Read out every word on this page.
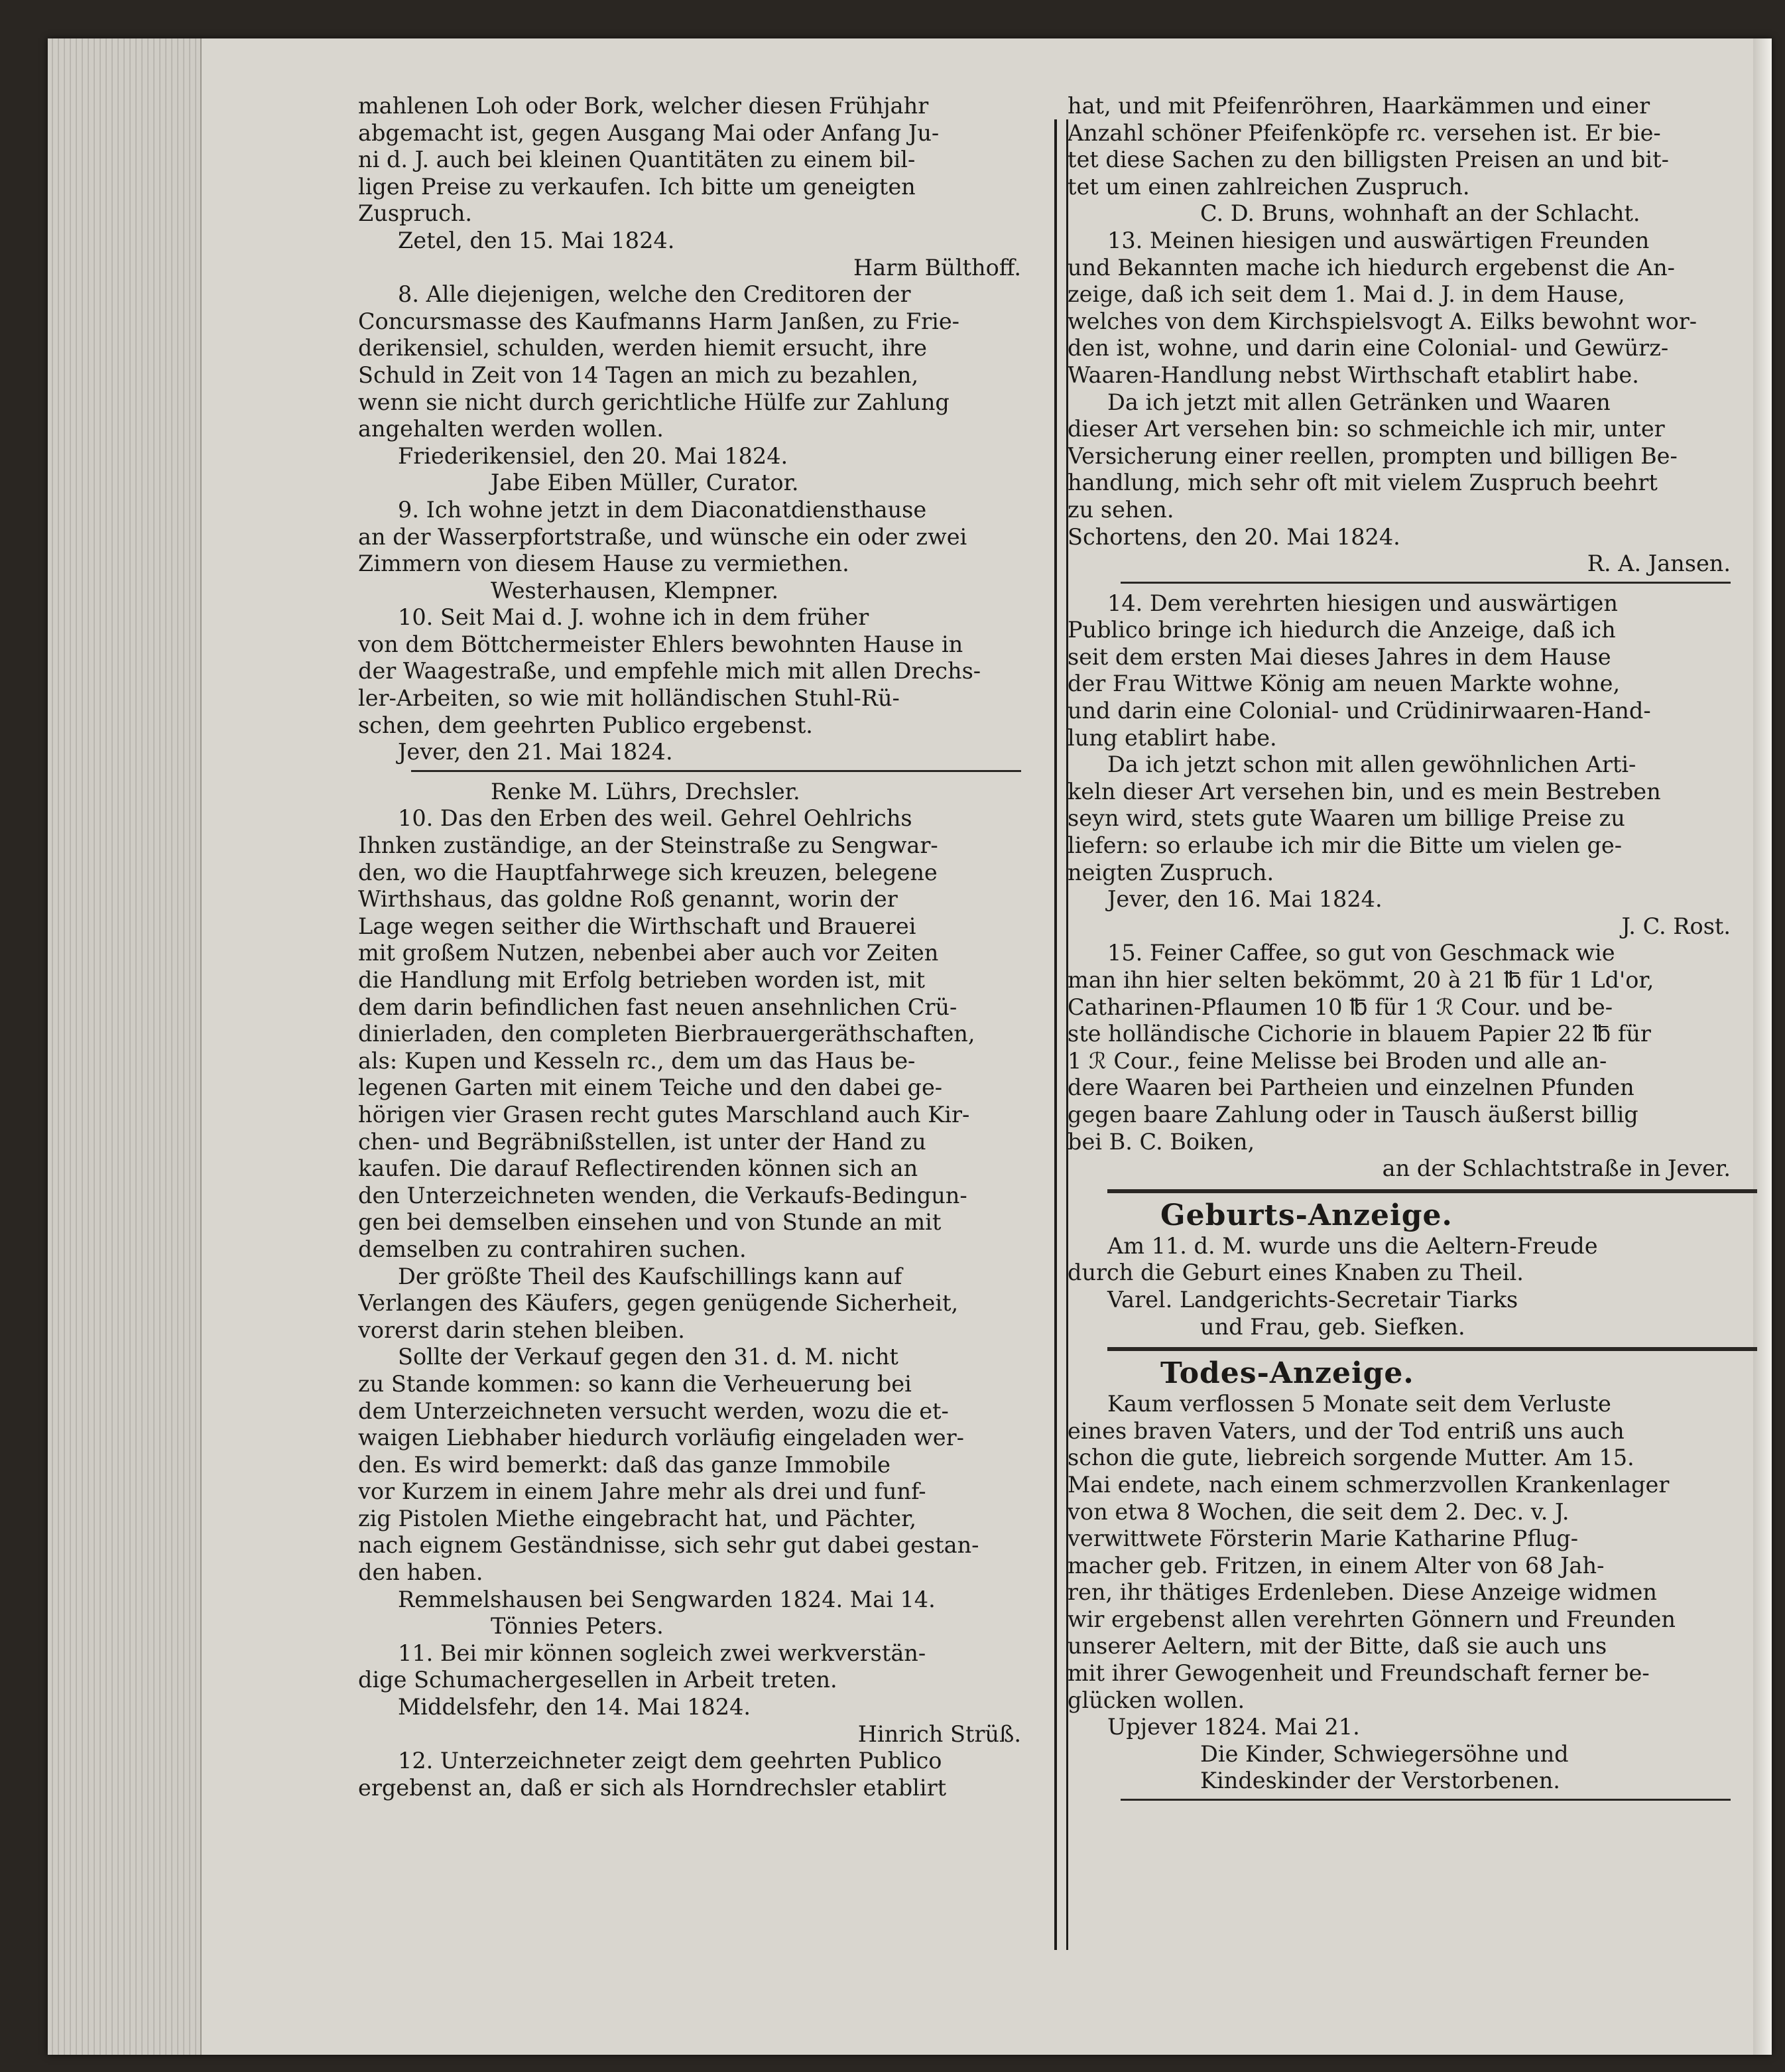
mahlenen Loh oder Bork, welcher diesen Frühjahr
abgemacht ist, gegen Ausgang Mai oder Anfang Ju-
ni d. J. auch bei kleinen Quantitäten zu einem bil-
ligen Preise zu verkaufen. Ich bitte um geneigten
Zuspruch.
Zetel, den 15. Mai 1824.
Harm Bülthoff.
8. Alle diejenigen, welche den Creditoren der
Concursmasse des Kaufmanns Harm Janßen, zu Frie-
derikensiel, schulden, werden hiemit ersucht, ihre
Schuld in Zeit von 14 Tagen an mich zu bezahlen,
wenn sie nicht durch gerichtliche Hülfe zur Zahlung
angehalten werden wollen.
Friederikensiel, den 20. Mai 1824.
Jabe Eiben Müller, Curator.
9. Ich wohne jetzt in dem Diaconatdiensthause
an der Wasserpfortstraße, und wünsche ein oder zwei
Zimmern von diesem Hause zu vermiethen.
Westerhausen, Klempner.
10. Seit Mai d. J. wohne ich in dem früher
von dem Böttchermeister Ehlers bewohnten Hause in
der Waagestraße, und empfehle mich mit allen Drechs-
ler-Arbeiten, so wie mit holländischen Stuhl-Rü-
schen, dem geehrten Publico ergebenst.
Jever, den 21. Mai 1824.
Renke M. Lührs, Drechsler.
10. Das den Erben des weil. Gehrel Oehlrichs
Ihnken zuständige, an der Steinstraße zu Sengwar-
den, wo die Hauptfahrwege sich kreuzen, belegene
Wirthshaus, das goldne Roß genannt, worin der
Lage wegen seither die Wirthschaft und Brauerei
mit großem Nutzen, nebenbei aber auch vor Zeiten
die Handlung mit Erfolg betrieben worden ist, mit
dem darin befindlichen fast neuen ansehnlichen Crü-
dinierladen, den completen Bierbrauergeräthschaften,
als: Kupen und Kesseln rc., dem um das Haus be-
legenen Garten mit einem Teiche und den dabei ge-
hörigen vier Grasen recht gutes Marschland auch Kir-
chen- und Begräbnißstellen, ist unter der Hand zu
kaufen. Die darauf Reflectirenden können sich an
den Unterzeichneten wenden, die Verkaufs-Bedingun-
gen bei demselben einsehen und von Stunde an mit
demselben zu contrahiren suchen.
Der größte Theil des Kaufschillings kann auf
Verlangen des Käufers, gegen genügende Sicherheit,
vorerst darin stehen bleiben.
Sollte der Verkauf gegen den 31. d. M. nicht
zu Stande kommen: so kann die Verheuerung bei
dem Unterzeichneten versucht werden, wozu die et-
waigen Liebhaber hiedurch vorläufig eingeladen wer-
den. Es wird bemerkt: daß das ganze Immobile
vor Kurzem in einem Jahre mehr als drei und funf-
zig Pistolen Miethe eingebracht hat, und Pächter,
nach eignem Geständnisse, sich sehr gut dabei gestan-
den haben.
Remmelshausen bei Sengwarden 1824. Mai 14.
Tönnies Peters.
11. Bei mir können sogleich zwei werkverstän-
dige Schumachergesellen in Arbeit treten.
Middelsfehr, den 14. Mai 1824.
Hinrich Strüß.
12. Unterzeichneter zeigt dem geehrten Publico
ergebenst an, daß er sich als Horndrechsler etablirt
hat, und mit Pfeifenröhren, Haarkämmen und einer
Anzahl schöner Pfeifenköpfe rc. versehen ist. Er bie-
tet diese Sachen zu den billigsten Preisen an und bit-
tet um einen zahlreichen Zuspruch.
C. D. Bruns, wohnhaft an der Schlacht.
13. Meinen hiesigen und auswärtigen Freunden
und Bekannten mache ich hiedurch ergebenst die An-
zeige, daß ich seit dem 1. Mai d. J. in dem Hause,
welches von dem Kirchspielsvogt A. Eilks bewohnt wor-
den ist, wohne, und darin eine Colonial- und Gewürz-
Waaren-Handlung nebst Wirthschaft etablirt habe.
Da ich jetzt mit allen Getränken und Waaren
dieser Art versehen bin: so schmeichle ich mir, unter
Versicherung einer reellen, prompten und billigen Be-
handlung, mich sehr oft mit vielem Zuspruch beehrt
zu sehen.
Schortens, den 20. Mai 1824.
R. A. Jansen.
14. Dem verehrten hiesigen und auswärtigen
Publico bringe ich hiedurch die Anzeige, daß ich
seit dem ersten Mai dieses Jahres in dem Hause
der Frau Wittwe König am neuen Markte wohne,
und darin eine Colonial- und Crüdinirwaaren-Hand-
lung etablirt habe.
Da ich jetzt schon mit allen gewöhnlichen Arti-
keln dieser Art versehen bin, und es mein Bestreben
seyn wird, stets gute Waaren um billige Preise zu
liefern: so erlaube ich mir die Bitte um vielen ge-
neigten Zuspruch.
Jever, den 16. Mai 1824.
J. C. Rost.
15. Feiner Caffee, so gut von Geschmack wie
man ihn hier selten bekömmt, 20 à 21 ℔ für 1 Ld'or,
Catharinen-Pflaumen 10 ℔ für 1 ℛ Cour. und be-
ste holländische Cichorie in blauem Papier 22 ℔ für
1 ℛ Cour., feine Melisse bei Broden und alle an-
dere Waaren bei Partheien und einzelnen Pfunden
gegen baare Zahlung oder in Tausch äußerst billig
bei B. C. Boiken,
an der Schlachtstraße in Jever.
Geburts-Anzeige.
Am 11. d. M. wurde uns die Aeltern-Freude
durch die Geburt eines Knaben zu Theil.
Varel. Landgerichts-Secretair Tiarks
und Frau, geb. Siefken.
Todes-Anzeige.
Kaum verflossen 5 Monate seit dem Verluste
eines braven Vaters, und der Tod entriß uns auch
schon die gute, liebreich sorgende Mutter. Am 15.
Mai endete, nach einem schmerzvollen Krankenlager
von etwa 8 Wochen, die seit dem 2. Dec. v. J.
verwittwete Försterin Marie Katharine Pflug-
macher geb. Fritzen, in einem Alter von 68 Jah-
ren, ihr thätiges Erdenleben. Diese Anzeige widmen
wir ergebenst allen verehrten Gönnern und Freunden
unserer Aeltern, mit der Bitte, daß sie auch uns
mit ihrer Gewogenheit und Freundschaft ferner be-
glücken wollen.
Upjever 1824. Mai 21.
Die Kinder, Schwiegersöhne und
Kindeskinder der Verstorbenen.
